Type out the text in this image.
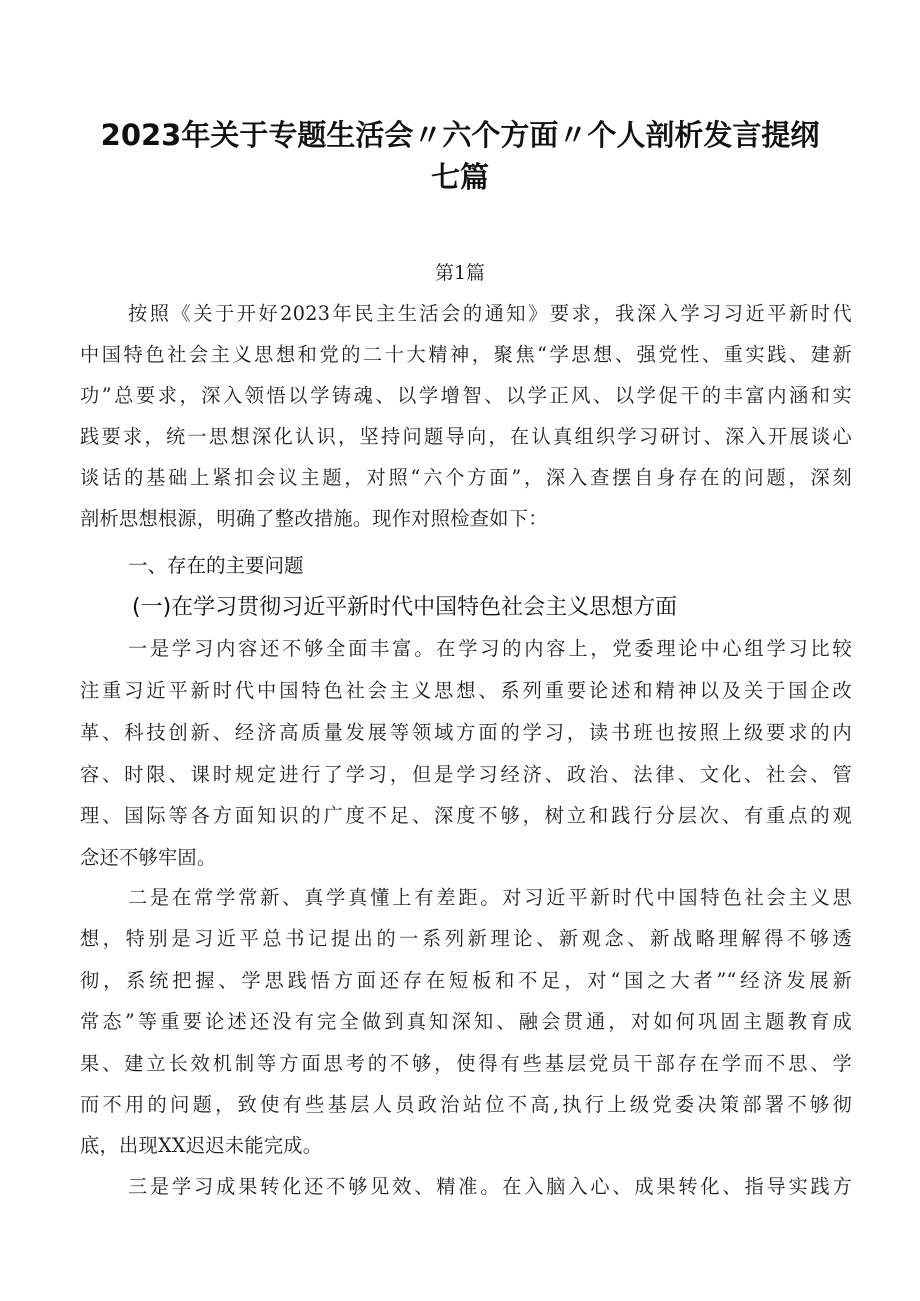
2023年关于专题生活会〃六个方面〃个人剖析发言提纲
七篇
第1篇
按照《关于开好2023年民主生活会的通知》要求，我深入学习习近平新时代
中国特色社会主义思想和党的二十大精神，聚焦“学思想、强党性、重实践、建新
功”总要求，深入领悟以学铸魂、以学增智、以学正风、以学促干的丰富内涵和实
践要求，统一思想深化认识，坚持问题导向，在认真组织学习研讨、深入开展谈心
谈话的基础上紧扣会议主题，对照“六个方面”，深入查摆自身存在的问题，深刻
剖析思想根源，明确了整改措施。现作对照检查如下：
一、存在的主要问题
(一)在学习贯彻习近平新时代中国特色社会主义思想方面
一是学习内容还不够全面丰富。在学习的内容上，党委理论中心组学习比较
注重习近平新时代中国特色社会主义思想、系列重要论述和精神以及关于国企改
革、科技创新、经济高质量发展等领域方面的学习，读书班也按照上级要求的内
容、时限、课时规定进行了学习，但是学习经济、政治、法律、文化、社会、管
理、国际等各方面知识的广度不足、深度不够，树立和践行分层次、有重点的观
念还不够牢固。
二是在常学常新、真学真懂上有差距。对习近平新时代中国特色社会主义思
想，特别是习近平总书记提出的一系列新理论、新观念、新战略理解得不够透
彻，系统把握、学思践悟方面还存在短板和不足，对“国之大者”“经济发展新
常态”等重要论述还没有完全做到真知深知、融会贯通，对如何巩固主题教育成
果、建立长效机制等方面思考的不够，使得有些基层党员干部存在学而不思、学
而不用的问题，致使有些基层人员政治站位不高,执行上级党委决策部署不够彻
底，出现XX迟迟未能完成。
三是学习成果转化还不够见效、精准。在入脑入心、成果转化、指导实践方
